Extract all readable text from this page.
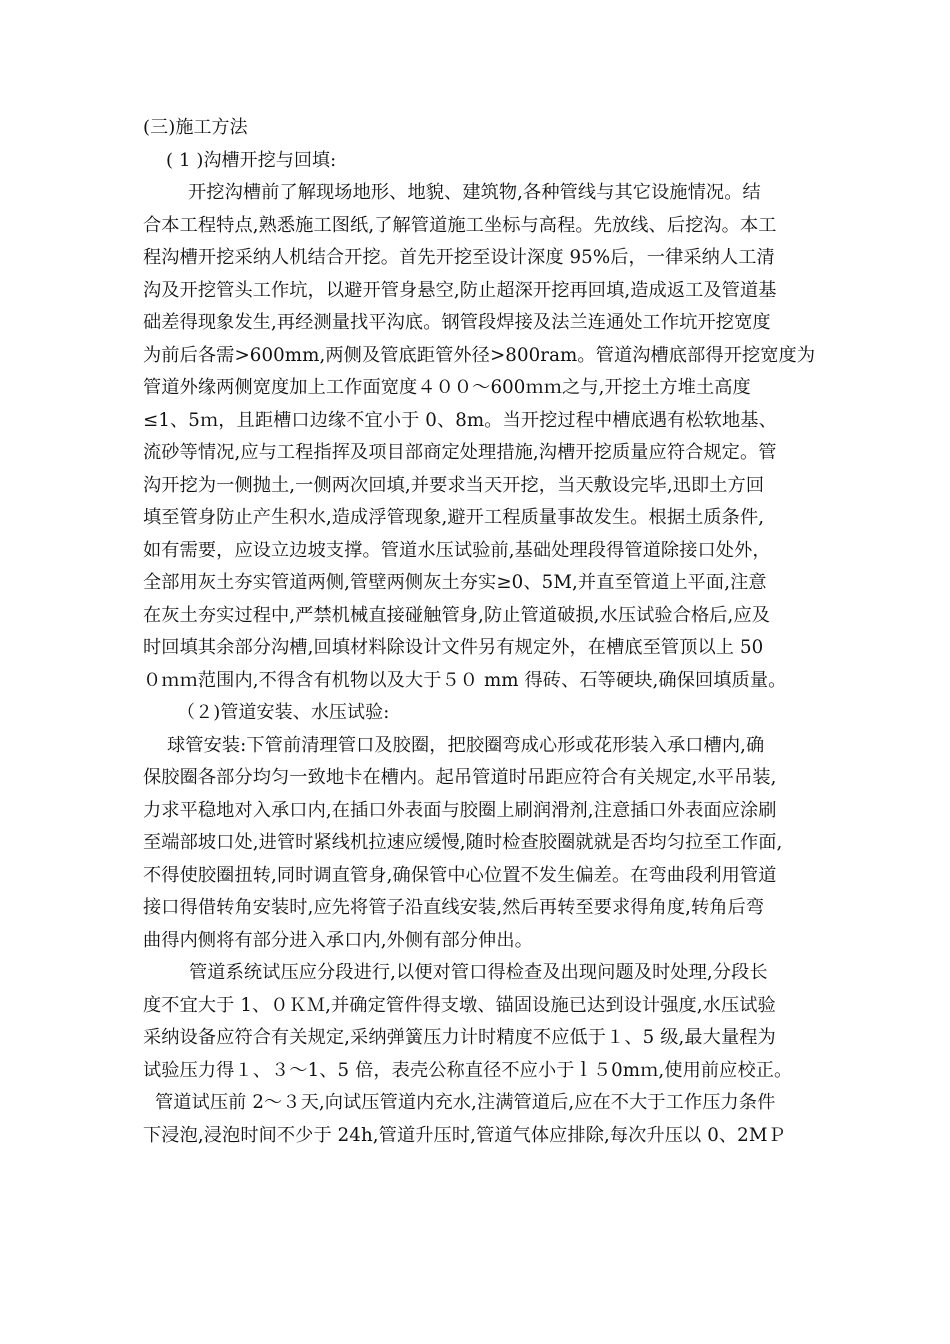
(三)施工方法
( 1 )沟槽开挖与回填:
开挖沟槽前了解现场地形、地貌、建筑物,各种管线与其它设施情况。结
合本工程特点,熟悉施工图纸,了解管道施工坐标与高程。先放线、后挖沟。本工
程沟槽开挖采纳人机结合开挖。首先开挖至设计深度 95%后，一律采纳人工清
沟及开挖管头工作坑，以避开管身悬空,防止超深开挖再回填,造成返工及管道基
础差得现象发生,再经测量找平沟底。钢管段焊接及法兰连通处工作坑开挖宽度
为前后各需>600mm,两侧及管底距管外径>800ram。管道沟槽底部得开挖宽度为
管道外缘两侧宽度加上工作面宽度４００～600ｍｍ之与,开挖土方堆土高度
≤1、5ｍ，且距槽口边缘不宜小于 0、8m。当开挖过程中槽底遇有松软地基、
流砂等情况,应与工程指挥及项目部商定处理措施,沟槽开挖质量应符合规定。管
沟开挖为一侧抛土,一侧两次回填,并要求当天开挖，当天敷设完毕,迅即土方回
填至管身防止产生积水,造成浮管现象,避开工程质量事故发生。根据土质条件,
如有需要，应设立边坡支撑。管道水压试验前,基础处理段得管道除接口处外，
全部用灰土夯实管道两侧,管壁两侧灰土夯实≥0、5M,并直至管道上平面,注意
在灰土夯实过程中,严禁机械直接碰触管身,防止管道破损,水压试验合格后,应及
时回填其余部分沟槽,回填材料除设计文件另有规定外，在槽底至管顶以上 50
０ｍｍ范围内,不得含有机物以及大于５０ mm 得砖、石等硬块,确保回填质量。
（２)管道安装、水压试验:
球管安装:下管前清理管口及胶圈，把胶圈弯成心形或花形装入承口槽内,确
保胶圈各部分均匀一致地卡在槽内。起吊管道时吊距应符合有关规定,水平吊装,
力求平稳地对入承口内,在插口外表面与胶圈上刷润滑剂,注意插口外表面应涂刷
至端部坡口处,进管时紧线机拉速应缓慢,随时检查胶圈就就是否均匀拉至工作面,
不得使胶圈扭转,同时调直管身,确保管中心位置不发生偏差。在弯曲段利用管道
接口得借转角安装时,应先将管子沿直线安装,然后再转至要求得角度,转角后弯
曲得内侧将有部分进入承口内,外侧有部分伸出。
管道系统试压应分段进行,以便对管口得检查及出现问题及时处理,分段长
度不宜大于 1、０ＫＭ,并确定管件得支墩、锚固设施已达到设计强度,水压试验
采纳设备应符合有关规定,采纳弹簧压力计时精度不应低于１、5 级,最大量程为
试验压力得１、３～1、5 倍，表壳公称直径不应小于ｌ５0mｍ,使用前应校正。
管道试压前 2～３天,向试压管道内充水,注满管道后,应在不大于工作压力条件
下浸泡,浸泡时间不少于 24h,管道升压时,管道气体应排除,每次升压以 0、2MＰ
